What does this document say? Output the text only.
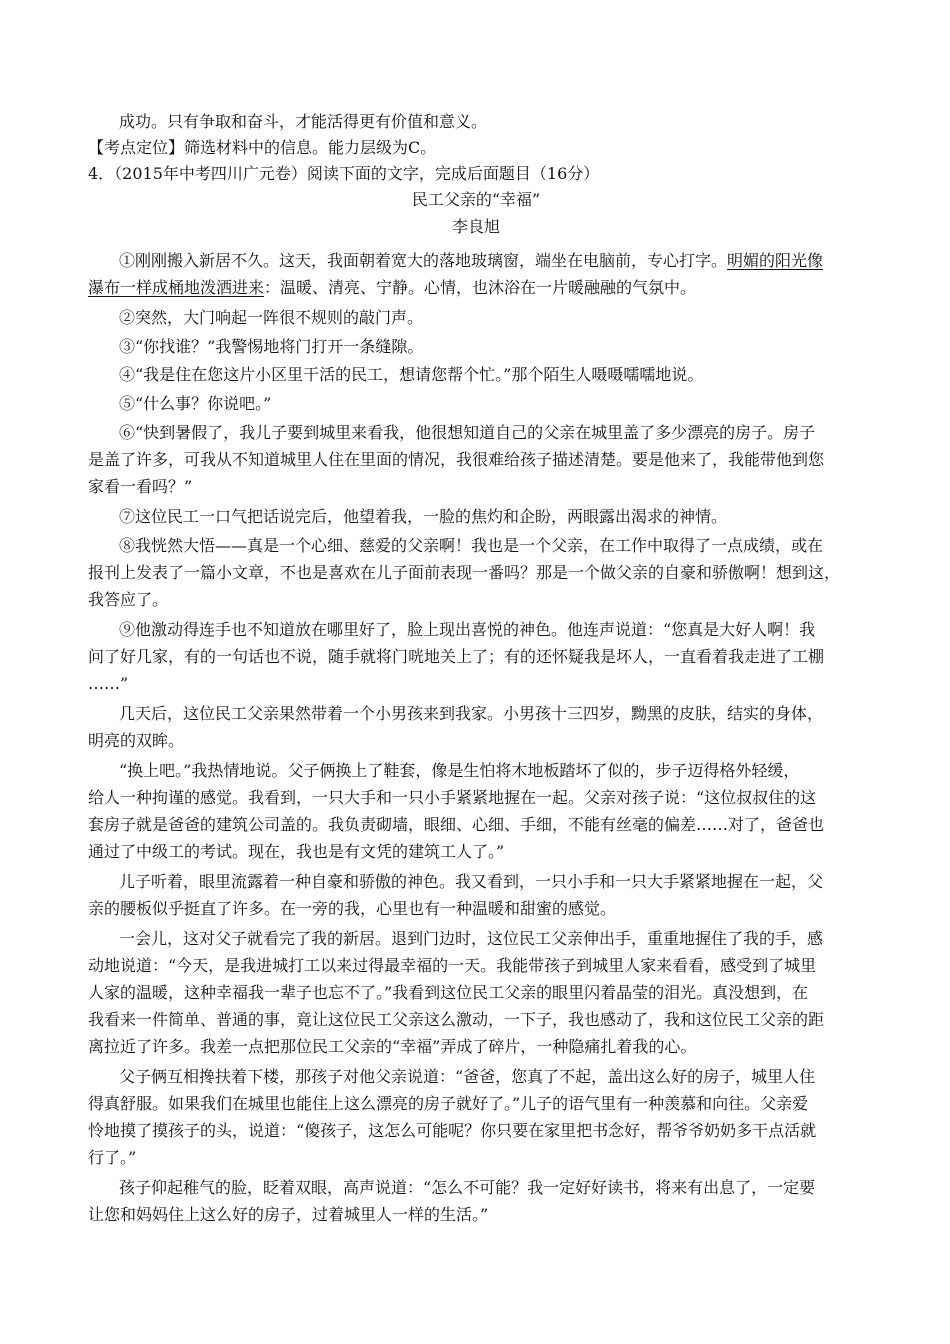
成功。只有争取和奋斗，才能活得更有价值和意义。
【考点定位】筛选材料中的信息。能力层级为C。
4．（2015年中考四川广元卷）阅读下面的文字，完成后面题目（16分）
民工父亲的“幸福”
李良旭
①刚刚搬入新居不久。这天，我面朝着宽大的落地玻璃窗，端坐在电脑前，专心打字。明媚的阳光像
瀑布一样成桶地泼洒进来：温暖、清亮、宁静。心情，也沐浴在一片暖融融的气氛中。
②突然，大门响起一阵很不规则的敲门声。
③“你找谁？”我警惕地将门打开一条缝隙。
④“我是住在您这片小区里干活的民工，想请您帮个忙。”那个陌生人嗫嗫嚅嚅地说。
⑤“什么事？你说吧。”
⑥“快到暑假了，我儿子要到城里来看我，他很想知道自己的父亲在城里盖了多少漂亮的房子。房子
是盖了许多，可我从不知道城里人住在里面的情况，我很难给孩子描述清楚。要是他来了，我能带他到您
家看一看吗？”
⑦这位民工一口气把话说完后，他望着我，一脸的焦灼和企盼，两眼露出渴求的神情。
⑧我恍然大悟——真是一个心细、慈爱的父亲啊！我也是一个父亲，在工作中取得了一点成绩，或在
报刊上发表了一篇小文章，不也是喜欢在儿子面前表现一番吗？那是一个做父亲的自豪和骄傲啊！想到这，
我答应了。
⑨他激动得连手也不知道放在哪里好了，脸上现出喜悦的神色。他连声说道：“您真是大好人啊！我
问了好几家，有的一句话也不说，随手就将门咣地关上了；有的还怀疑我是坏人，一直看着我走进了工棚
……”
几天后，这位民工父亲果然带着一个小男孩来到我家。小男孩十三四岁，黝黑的皮肤，结实的身体，
明亮的双眸。
“换上吧。”我热情地说。父子俩换上了鞋套，像是生怕将木地板踏坏了似的，步子迈得格外轻缓，
给人一种拘谨的感觉。我看到，一只大手和一只小手紧紧地握在一起。父亲对孩子说：“这位叔叔住的这
套房子就是爸爸的建筑公司盖的。我负责砌墙，眼细、心细、手细，不能有丝毫的偏差……对了，爸爸也
通过了中级工的考试。现在，我也是有文凭的建筑工人了。”
儿子听着，眼里流露着一种自豪和骄傲的神色。我又看到，一只小手和一只大手紧紧地握在一起，父
亲的腰板似乎挺直了许多。在一旁的我，心里也有一种温暖和甜蜜的感觉。
一会儿，这对父子就看完了我的新居。退到门边时，这位民工父亲伸出手，重重地握住了我的手，感
动地说道：“今天，是我进城打工以来过得最幸福的一天。我能带孩子到城里人家来看看，感受到了城里
人家的温暖，这种幸福我一辈子也忘不了。”我看到这位民工父亲的眼里闪着晶莹的泪光。真没想到，在
我看来一件简单、普通的事，竟让这位民工父亲这么激动，一下子，我也感动了，我和这位民工父亲的距
离拉近了许多。我差一点把那位民工父亲的“幸福”弄成了碎片，一种隐痛扎着我的心。
父子俩互相搀扶着下楼，那孩子对他父亲说道：“爸爸，您真了不起，盖出这么好的房子，城里人住
得真舒服。如果我们在城里也能住上这么漂亮的房子就好了。”儿子的语气里有一种羡慕和向往。父亲爱
怜地摸了摸孩子的头，说道：“傻孩子，这怎么可能呢？你只要在家里把书念好，帮爷爷奶奶多干点活就
行了。”
孩子仰起稚气的脸，眨着双眼，高声说道：“怎么不可能？我一定好好读书，将来有出息了，一定要
让您和妈妈住上这么好的房子，过着城里人一样的生活。”
